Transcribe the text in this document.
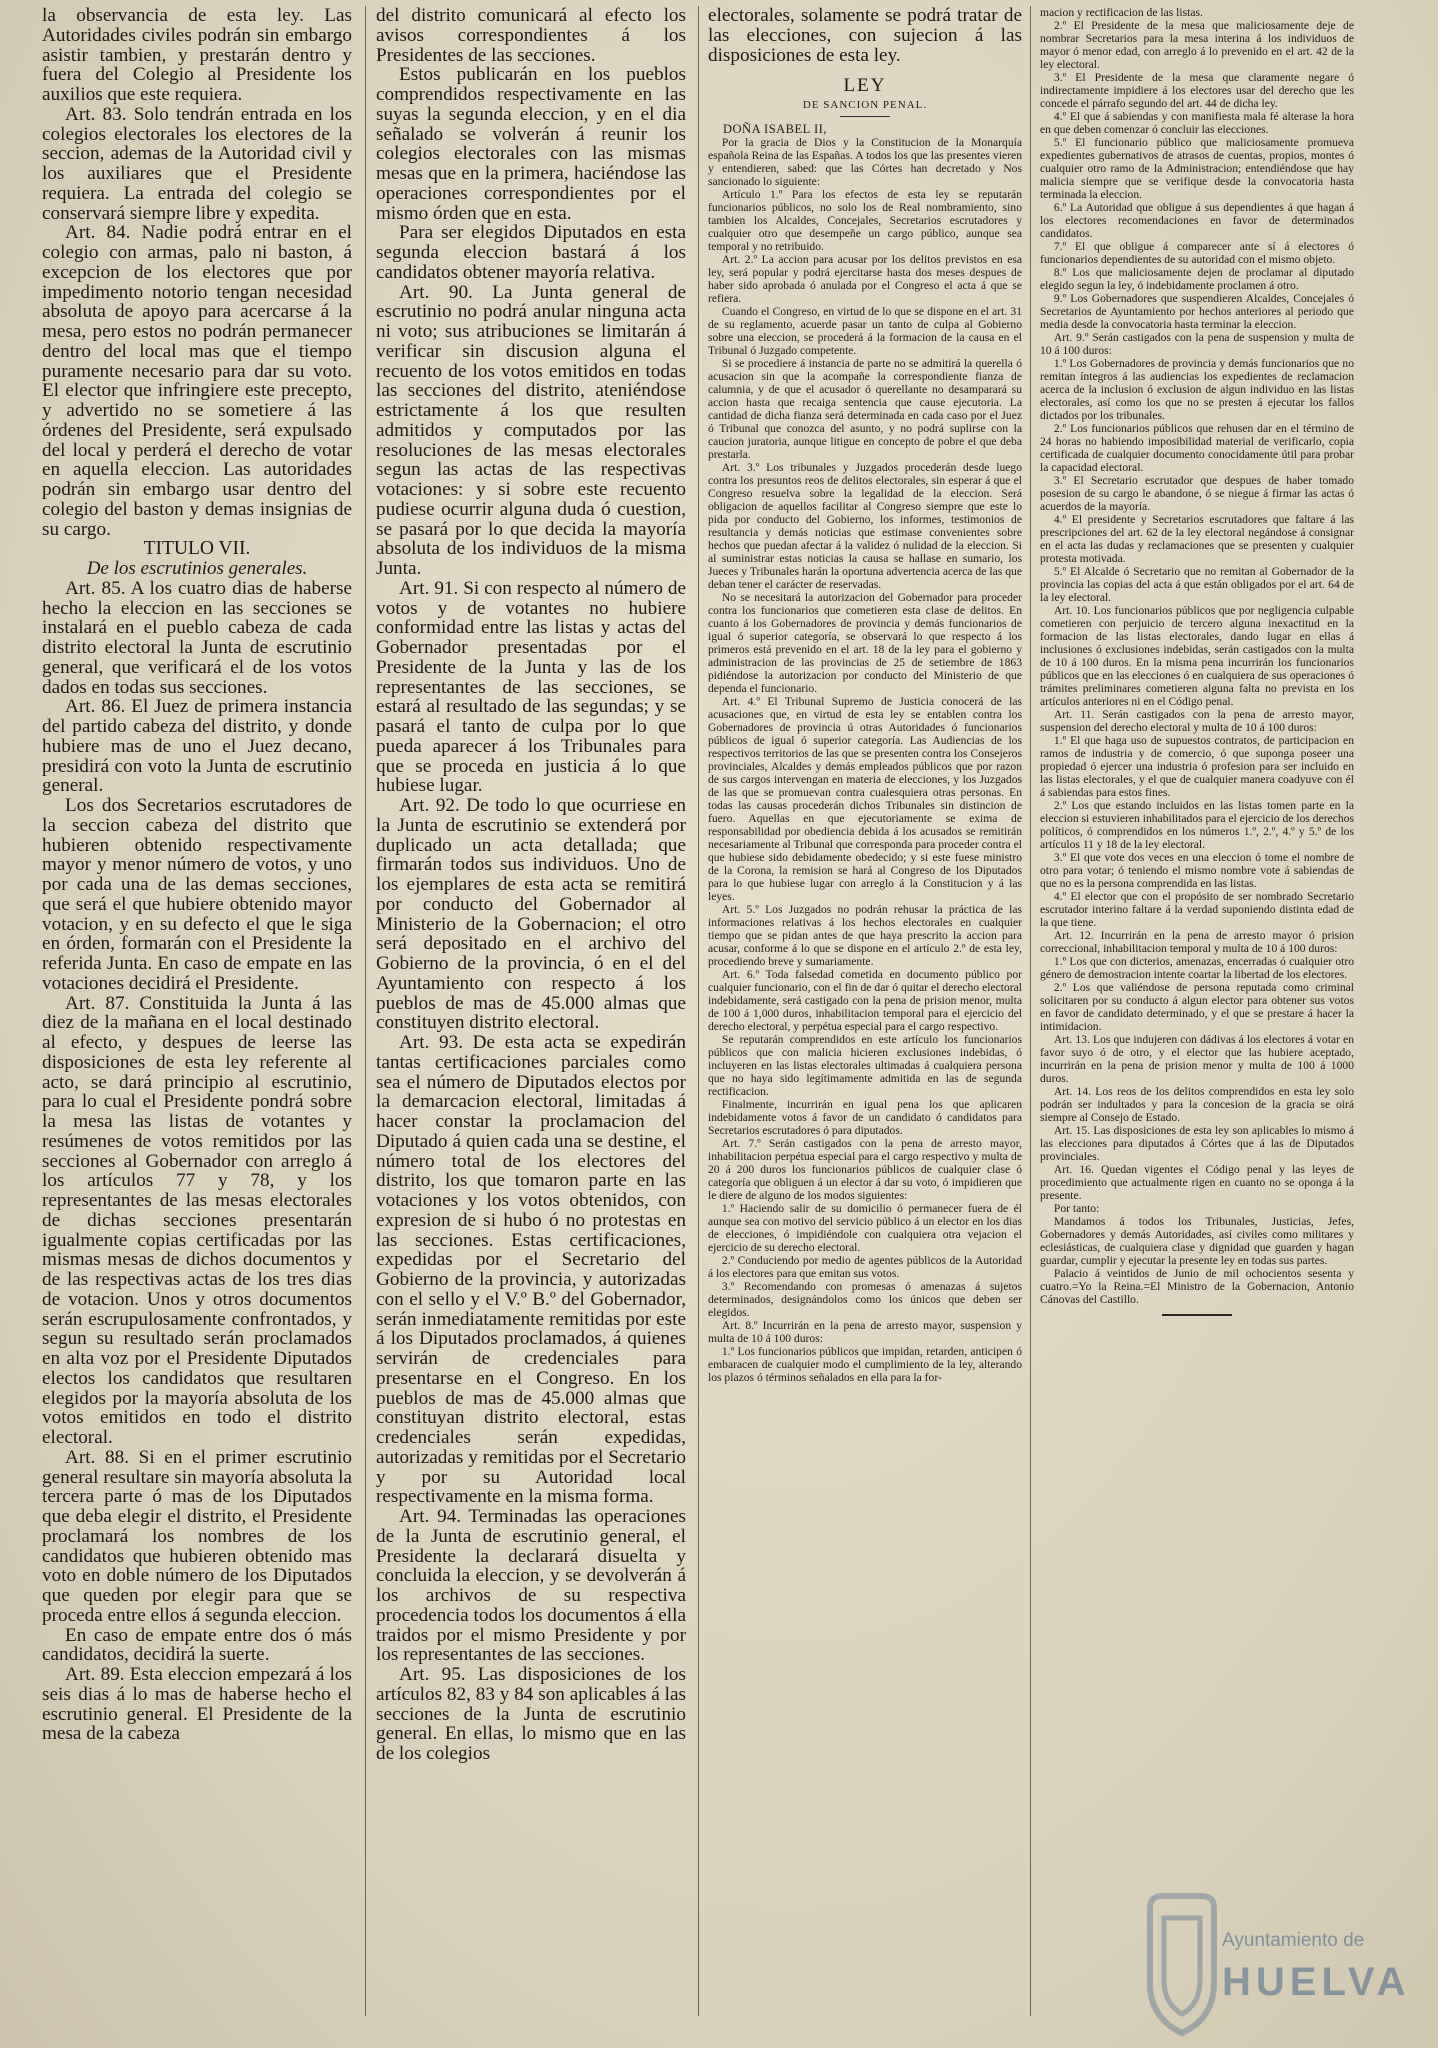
la observancia de esta ley. Las Autoridades civiles podrán sin embargo asistir tambien, y prestarán dentro y fuera del Colegio al Presidente los auxilios que este requiera.

Art. 83. Solo tendrán entrada en los colegios electorales los electores de la seccion, ademas de la Autoridad civil y los auxiliares que el Presidente requiera. La entrada del colegio se conservará siempre libre y expedita.

Art. 84. Nadie podrá entrar en el colegio con armas, palo ni baston, á excepcion de los electores que por impedimento notorio tengan necesidad absoluta de apoyo para acercarse á la mesa, pero estos no podrán permanecer dentro del local mas que el tiempo puramente necesario para dar su voto. El elector que infringiere este precepto, y advertido no se sometiere á las órdenes del Presidente, será expulsado del local y perderá el derecho de votar en aquella eleccion. Las autoridades podrán sin embargo usar dentro del colegio del baston y demas insignias de su cargo.

TITULO VII.

De los escrutinios generales.

Art. 85. A los cuatro dias de haberse hecho la eleccion en las secciones se instalará en el pueblo cabeza de cada distrito electoral la Junta de escrutinio general, que verificará el de los votos dados en todas sus secciones.

Art. 86. El Juez de primera instancia del partido cabeza del distrito, y donde hubiere mas de uno el Juez decano, presidirá con voto la Junta de escrutinio general.

Los dos Secretarios escrutadores de la seccion cabeza del distrito que hubieren obtenido respectivamente mayor y menor número de votos, y uno por cada una de las demas secciones, que será el que hubiere obtenido mayor votacion, y en su defecto el que le siga en órden, formarán con el Presidente la referida Junta. En caso de empate en las votaciones decidirá el Presidente.

Art. 87. Constituida la Junta á las diez de la mañana en el local destinado al efecto, y despues de leerse las disposiciones de esta ley referente al acto, se dará principio al escrutinio, para lo cual el Presidente pondrá sobre la mesa las listas de votantes y resúmenes de votos remitidos por las secciones al Gobernador con arreglo á los artículos 77 y 78, y los representantes de las mesas electorales de dichas secciones presentarán igualmente copias certificadas por las mismas mesas de dichos documentos y de las respectivas actas de los tres dias de votacion. Unos y otros documentos serán escrupulosamente confrontados, y segun su resultado serán proclamados en alta voz por el Presidente Diputados electos los candidatos que resultaren elegidos por la mayoría absoluta de los votos emitidos en todo el distrito electoral.

Art. 88. Si en el primer escrutinio general resultare sin mayoría absoluta la tercera parte ó mas de los Diputados que deba elegir el distrito, el Presidente proclamará los nombres de los candidatos que hubieren obtenido mas voto en doble número de los Diputados que queden por elegir para que se proceda entre ellos á segunda eleccion.

En caso de empate entre dos ó más candidatos, decidirá la suerte.

Art. 89. Esta eleccion empezará á los seis dias á lo mas de haberse hecho el escrutinio general. El Presidente de la mesa de la cabeza

del distrito comunicará al efecto los avisos correspondientes á los Presidentes de las secciones.

Estos publicarán en los pueblos comprendidos respectivamente en las suyas la segunda eleccion, y en el dia señalado se volverán á reunir los colegios electorales con las mismas mesas que en la primera, haciéndose las operaciones correspondientes por el mismo órden que en esta.

Para ser elegidos Diputados en esta segunda eleccion bastará á los candidatos obtener mayoría relativa.

Art. 90. La Junta general de escrutinio no podrá anular ninguna acta ni voto; sus atribuciones se limitarán á verificar sin discusion alguna el recuento de los votos emitidos en todas las secciones del distrito, ateniéndose estrictamente á los que resulten admitidos y computados por las resoluciones de las mesas electorales segun las actas de las respectivas votaciones: y si sobre este recuento pudiese ocurrir alguna duda ó cuestion, se pasará por lo que decida la mayoría absoluta de los individuos de la misma Junta.

Art. 91. Si con respecto al número de votos y de votantes no hubiere conformidad entre las listas y actas del Gobernador presentadas por el Presidente de la Junta y las de los representantes de las secciones, se estará al resultado de las segundas; y se pasará el tanto de culpa por lo que pueda aparecer á los Tribunales para que se proceda en justicia á lo que hubiese lugar.

Art. 92. De todo lo que ocurriese en la Junta de escrutinio se extenderá por duplicado un acta detallada; que firmarán todos sus individuos. Uno de los ejemplares de esta acta se remitirá por conducto del Gobernador al Ministerio de la Gobernacion; el otro será depositado en el archivo del Gobierno de la provincia, ó en el del Ayuntamiento con respecto á los pueblos de mas de 45.000 almas que constituyen distrito electoral.

Art. 93. De esta acta se expedirán tantas certificaciones parciales como sea el número de Diputados electos por la demarcacion electoral, limitadas á hacer constar la proclamacion del Diputado á quien cada una se destine, el número total de los electores del distrito, los que tomaron parte en las votaciones y los votos obtenidos, con expresion de si hubo ó no protestas en las secciones. Estas certificaciones, expedidas por el Secretario del Gobierno de la provincia, y autorizadas con el sello y el V.º B.º del Gobernador, serán inmediatamente remitidas por este á los Diputados proclamados, á quienes servirán de credenciales para presentarse en el Congreso. En los pueblos de mas de 45.000 almas que constituyan distrito electoral, estas credenciales serán expedidas, autorizadas y remitidas por el Secretario y por su Autoridad local respectivamente en la misma forma.

Art. 94. Terminadas las operaciones de la Junta de escrutinio general, el Presidente la declarará disuelta y concluida la eleccion, y se devolverán á los archivos de su respectiva procedencia todos los documentos á ella traidos por el mismo Presidente y por los representantes de las secciones.

Art. 95. Las disposiciones de los artículos 82, 83 y 84 son aplicables á las secciones de la Junta de escrutinio general. En ellas, lo mismo que en las de los colegios

electorales, solamente se podrá tratar de las elecciones, con sujecion á las disposiciones de esta ley.

LEY
DE SANCION PENAL.

DOÑA ISABEL II,

Por la gracia de Dios y la Constitucion de la Monarquía española Reina de las Españas. A todos los que las presentes vieren y entendieren, sabed: que las Córtes han decretado y Nos sancionado lo siguiente:

Artículo 1.º Para los efectos de esta ley se reputarán funcionarios públicos, no solo los de Real nombramiento, sino tambien los Alcaldes, Concejales, Secretarios escrutadores y cualquier otro que desempeñe un cargo público, aunque sea temporal y no retribuido.

Art. 2.º La accion para acusar por los delitos previstos en esa ley, será popular y podrá ejercitarse hasta dos meses despues de haber sido aprobada ó anulada por el Congreso el acta á que se refiera.

Cuando el Congreso, en virtud de lo que se dispone en el art. 31 de su reglamento, acuerde pasar un tanto de culpa al Gobierno sobre una eleccion, se procederá á la formacion de la causa en el Tribunal ó Juzgado competente.

Si se procediere á instancia de parte no se admitirá la querella ó acusacion sin que la acompañe la correspondiente fianza de calumnia, y de que el acusador ó querellante no desamparará su accion hasta que recaiga sentencia que cause ejecutoria. La cantidad de dicha fianza será determinada en cada caso por el Juez ó Tribunal que conozca del asunto, y no podrá suplirse con la caucion juratoria, aunque litigue en concepto de pobre el que deba prestarla.

Art. 3.º Los tribunales y Juzgados procederán desde luego contra los presuntos reos de delitos electorales, sin esperar á que el Congreso resuelva sobre la legalidad de la eleccion. Será obligacion de aquellos facilitar al Congreso siempre que este lo pida por conducto del Gobierno, los informes, testimonios de resultancia y demás noticias que estimase convenientes sobre hechos que puedan afectar á la validez ó nulidad de la eleccion. Si al suministrar estas noticias la causa se hallase en sumario, los Jueces y Tribunales harán la oportuna advertencia acerca de las que deban tener el carácter de reservadas.

No se necesitará la autorizacion del Gobernador para proceder contra los funcionarios que cometieren esta clase de delitos. En cuanto á los Gobernadores de provincia y demás funcionarios de igual ó superior categoría, se observará lo que respecto á los primeros está prevenido en el art. 18 de la ley para el gobierno y administracion de las provincias de 25 de setiembre de 1863 pidiéndose la autorizacion por conducto del Ministerio de que dependa el funcionario.

Art. 4.º El Tribunal Supremo de Justicia conocerá de las acusaciones que, en virtud de esta ley se entablen contra los Gobernadores de provincia ú otras Autoridades ó funcionarios públicos de igual ó superior categoría. Las Audiencias de los respectivos territorios de las que se presenten contra los Consejeros provinciales, Alcaldes y demás empleados públicos que por razon de sus cargos intervengan en materia de elecciones, y los Juzgados de las que se promuevan contra cualesquiera otras personas. En todas las causas procederán dichos Tribunales sin distincion de fuero. Aquellas en que ejecutoriamente se exima de responsabilidad por obediencia debida á los acusados se remitirán necesariamente al Tribunal que corresponda para proceder contra el que hubiese sido debidamente obedecido; y si este fuese ministro de la Corona, la remision se hará al Congreso de los Diputados para lo que hubiese lugar con arreglo á la Constitucion y á las leyes.

Art. 5.º Los Juzgados no podrán rehusar la práctica de las informaciones relativas á los hechos electorales en cualquier tiempo que se pidan antes de que haya prescrito la accion para acusar, conforme á lo que se dispone en el artículo 2.º de esta ley, procediendo breve y sumariamente.

Art. 6.º Toda falsedad cometida en documento público por cualquier funcionario, con el fin de dar ó quitar el derecho electoral indebidamente, será castigado con la pena de prision menor, multa de 100 á 1,000 duros, inhabilitacion temporal para el ejercicio del derecho electoral, y perpétua especial para el cargo respectivo.

Se reputarán comprendidos en este artículo los funcionarios públicos que con malicia hicieren exclusiones indebidas, ó incluyeren en las listas electorales ultimadas á cualquiera persona que no haya sido legítimamente admitida en las de segunda rectificacion.

Finalmente, incurrirán en igual pena los que aplicaren indebidamente votos á favor de un candidato ó candidatos para Secretarios escrutadores ó para diputados.

Art. 7.º Serán castigados con la pena de arresto mayor, inhabilitacion perpétua especial para el cargo respectivo y multa de 20 á 200 duros los funcionarios públicos de cualquier clase ó categoría que obliguen á un elector á dar su voto, ó impidieren que le diere de alguno de los modos siguientes:

1.º Haciendo salir de su domicilio ó permanecer fuera de él aunque sea con motivo del servicio público á un elector en los dias de elecciones, ó impidiéndole con cualquiera otra vejacion el ejercicio de su derecho electoral.

2.º Conduciendo por medio de agentes públicos de la Autoridad á los electores para que emitan sus votos.

3.º Recomendando con promesas ó amenazas á sujetos determinados, designándolos como los únicos que deben ser elegidos.

Art. 8.º Incurrirán en la pena de arresto mayor, suspension y multa de 10 á 100 duros:

1.º Los funcionarios públicos que impidan, retarden, anticipen ó embaracen de cualquier modo el cumplimiento de la ley, alterando los plazos ó términos señalados en ella para la for-

macion y rectificacion de las listas.

2.º El Presidente de la mesa que maliciosamente deje de nombrar Secretarios para la mesa interina á los individuos de mayor ó menor edad, con arreglo á lo prevenido en el art. 42 de la ley electoral.

3.º El Presidente de la mesa que claramente negare ó indirectamente impidiere á los electores usar del derecho que les concede el párrafo segundo del art. 44 de dicha ley.

4.º El que á sabiendas y con manifiesta mala fé alterase la hora en que deben comenzar ó concluir las elecciones.

5.º El funcionario público que maliciosamente promueva expedientes gubernativos de atrasos de cuentas, propios, montes ó cualquier otro ramo de la Administracion; entendiéndose que hay malicia siempre que se verifique desde la convocatoria hasta terminada la eleccion.

6.º La Autoridad que obligue á sus dependientes á que hagan á los electores recomendaciones en favor de determinados candidatos.

7.º El que obligue á comparecer ante sí á electores ó funcionarios dependientes de su autoridad con el mismo objeto.

8.º Los que maliciosamente dejen de proclamar al diputado elegido segun la ley, ó indebidamente proclamen á otro.

9.º Los Gobernadores que suspendieren Alcaldes, Concejales ó Secretarios de Ayuntamiento por hechos anteriores al periodo que media desde la convocatoria hasta terminar la eleccion.

Art. 9.º Serán castigados con la pena de suspension y multa de 10 á 100 duros:

1.º Los Gobernadores de provincia y demás funcionarios que no remitan íntegros á las audiencias los expedientes de reclamacion acerca de la inclusion ó exclusion de algun individuo en las listas electorales, así como los que no se presten á ejecutar los fallos dictados por los tribunales.

2.º Los funcionarios públicos que rehusen dar en el término de 24 horas no habiendo imposibilidad material de verificarlo, copia certificada de cualquier documento conocidamente útil para probar la capacidad electoral.

3.º El Secretario escrutador que despues de haber tomado posesion de su cargo le abandone, ó se niegue á firmar las actas ó acuerdos de la mayoría.

4.º El presidente y Secretarios escrutadores que faltare á las prescripciones del art. 62 de la ley electoral negándose á consignar en el acta las dudas y reclamaciones que se presenten y cualquier protesta motivada.

5.º El Alcalde ó Secretario que no remitan al Gobernador de la provincia las copias del acta á que están obligados por el art. 64 de la ley electoral.

Art. 10. Los funcionarios públicos que por negligencia culpable cometieren con perjuicio de tercero alguna inexactitud en la formacion de las listas electorales, dando lugar en ellas á inclusiones ó exclusiones indebidas, serán castigados con la multa de 10 á 100 duros. En la misma pena incurrirán los funcionarios públicos que en las elecciones ó en cualquiera de sus operaciones ó trámites preliminares cometieren alguna falta no prevista en los artículos anteriores ni en el Código penal.

Art. 11. Serán castigados con la pena de arresto mayor, suspension del derecho electoral y multa de 10 á 100 duros:

1.º El que haga uso de supuestos contratos, de participacion en ramos de industria y de comercio, ó que suponga poseer una propiedad ó ejercer una industria ó profesion para ser incluido en las listas electorales, y el que de cualquier manera coadyuve con él á sabiendas para estos fines.

2.º Los que estando incluidos en las listas tomen parte en la eleccion si estuvieren inhabilitados para el ejercicio de los derechos políticos, ó comprendidos en los números 1.º, 2.º, 4.º y 5.º de los artículos 11 y 18 de la ley electoral.

3.º El que vote dos veces en una eleccion ó tome el nombre de otro para votar; ó teniendo el mismo nombre vote á sabiendas de que no es la persona comprendida en las listas.

4.º El elector que con el propósito de ser nombrado Secretario escrutador interino faltare á la verdad suponiendo distinta edad de la que tiene.

Art. 12. Incurrirán en la pena de arresto mayor ó prision correccional, inhabilitacion temporal y multa de 10 á 100 duros:

1.º Los que con dicterios, amenazas, encerradas ó cualquier otro género de demostracion intente coartar la libertad de los electores.

2.º Los que valiéndose de persona reputada como criminal solicitaren por su conducto á algun elector para obtener sus votos en favor de candidato determinado, y el que se prestare á hacer la intimidacion.

Art. 13. Los que indujeren con dádivas á los electores á votar en favor suyo ó de otro, y el elector que las hubiere aceptado, incurrirán en la pena de prision menor y multa de 100 á 1000 duros.

Art. 14. Los reos de los delitos comprendidos en esta ley solo podrán ser indultados y para la concesion de la gracia se oirá siempre al Consejo de Estado.

Art. 15. Las disposiciones de esta ley son aplicables lo mismo á las elecciones para diputados á Córtes que á las de Diputados provinciales.

Art. 16. Quedan vigentes el Código penal y las leyes de procedimiento que actualmente rigen en cuanto no se oponga á la presente.

Por tanto:

Mandamos á todos los Tribunales, Justicias, Jefes, Gobernadores y demás Autoridades, así civiles como militares y eclesiásticas, de cualquiera clase y dignidad que guarden y hagan guardar, cumplir y ejecutar la presente ley en todas sus partes.

Palacio á veintidos de Junio de mil ochocientos sesenta y cuatro.=Yo la Reina.=El Ministro de la Gobernacion, Antonio Cánovas del Castillo.

Ayuntamiento de
HUELVA
